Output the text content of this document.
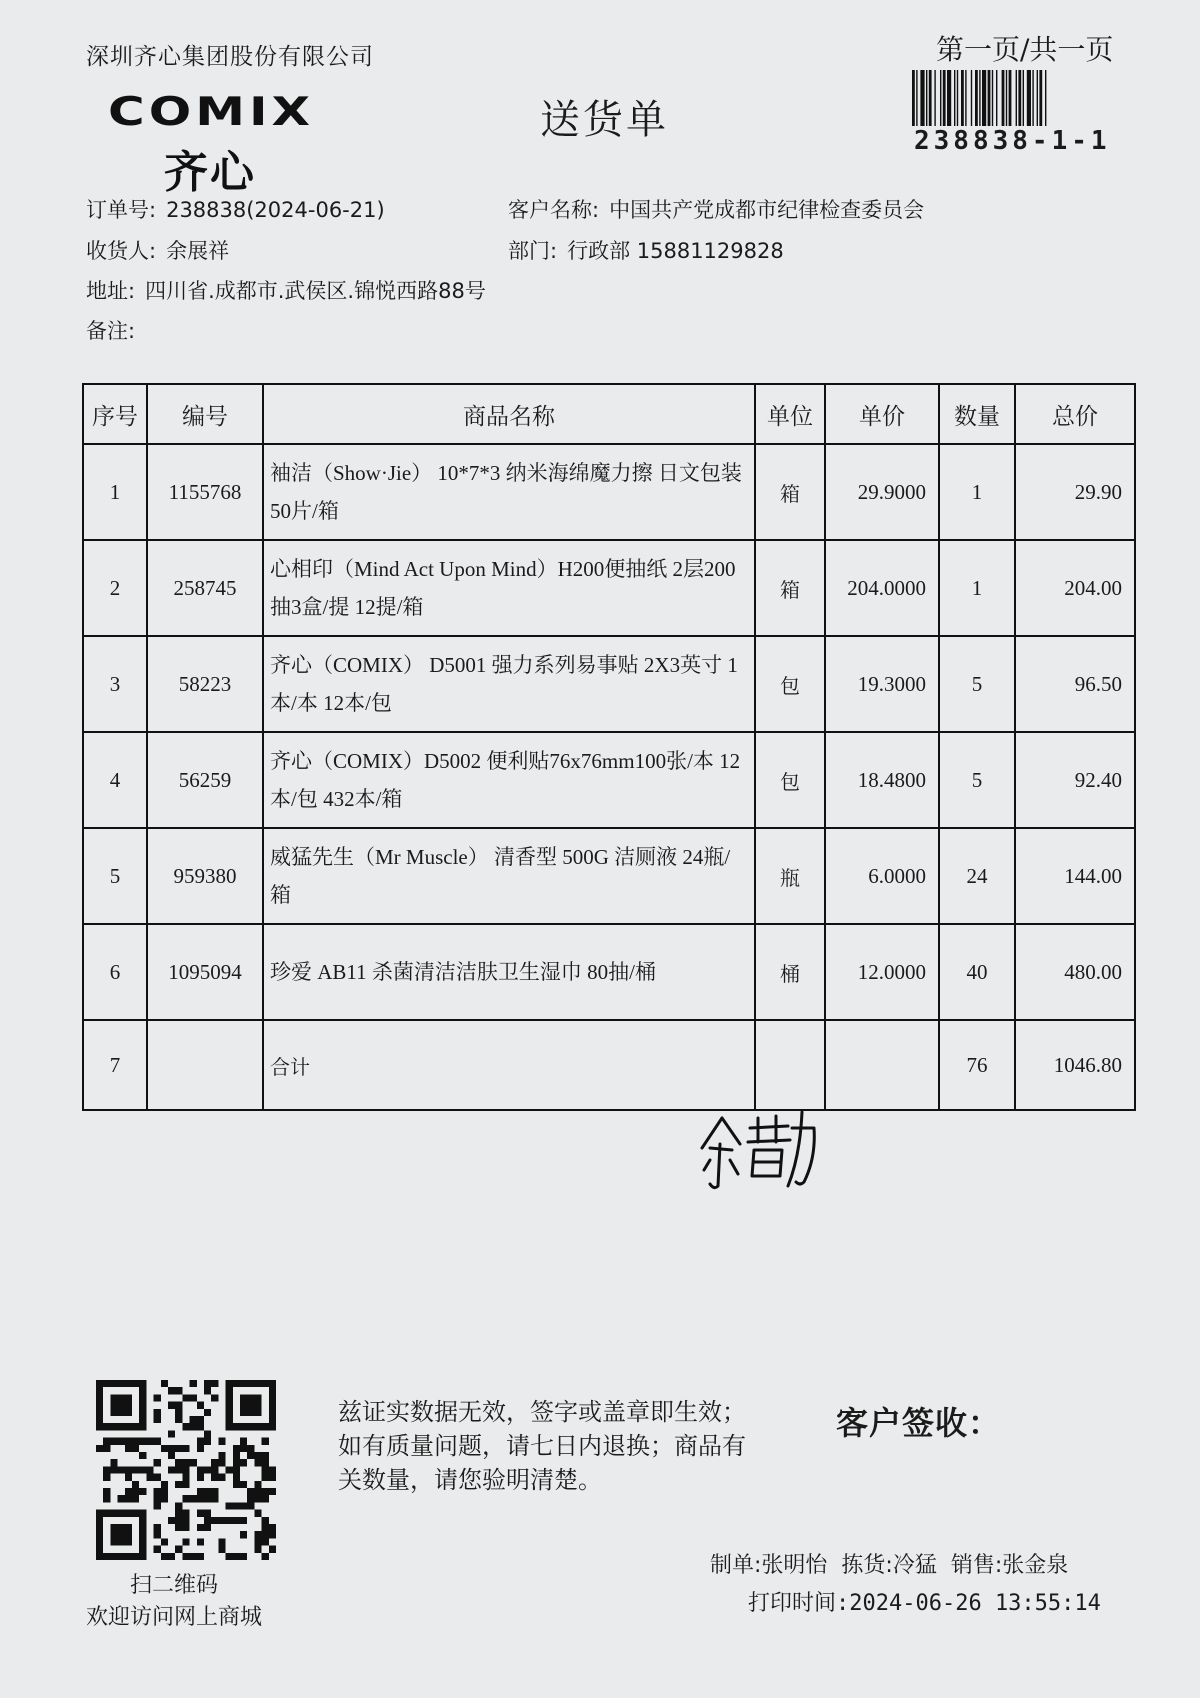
深圳齐心集团股份有限公司
COMIX
齐心
送货单
第一页/共一页
238838-1-1
订单号: 238838(2024-06-21)	客户名称: 中国共产党成都市纪律检查委员会
收货人: 余展祥	部门: 行政部 15881129828
地址: 四川省.成都市.武侯区.锦悦西路88号
备注:
序号	编号	商品名称	单位	单价	数量	总价
1	1155768	袖洁（Show·Jie） 10*7*3 纳米海绵魔力擦 日文包装 50片/箱	箱	29.9000	1	29.90
2	258745	心相印（Mind Act Upon Mind）H200便抽纸 2层200抽3盒/提 12提/箱	箱	204.0000	1	204.00
3	58223	齐心（COMIX） D5001 强力系列易事贴 2X3英寸 1本/本 12本/包	包	19.3000	5	96.50
4	56259	齐心（COMIX）D5002 便利贴76x76mm100张/本 12本/包 432本/箱	包	18.4800	5	92.40
5	959380	威猛先生（Mr Muscle） 清香型 500G 洁厕液 24瓶/箱	瓶	6.0000	24	144.00
6	1095094	珍爱 AB11 杀菌清洁洁肤卫生湿巾 80抽/桶	桶	12.0000	40	480.00
7		合计			76	1046.80
扫二维码
欢迎访问网上商城
兹证实数据无效，签字或盖章即生效；如有质量问题，请七日内退换；商品有关数量，请您验明清楚。
客户签收：
制单:张明怡 拣货:冷猛 销售:张金泉
打印时间:2024-06-26 13:55:14
